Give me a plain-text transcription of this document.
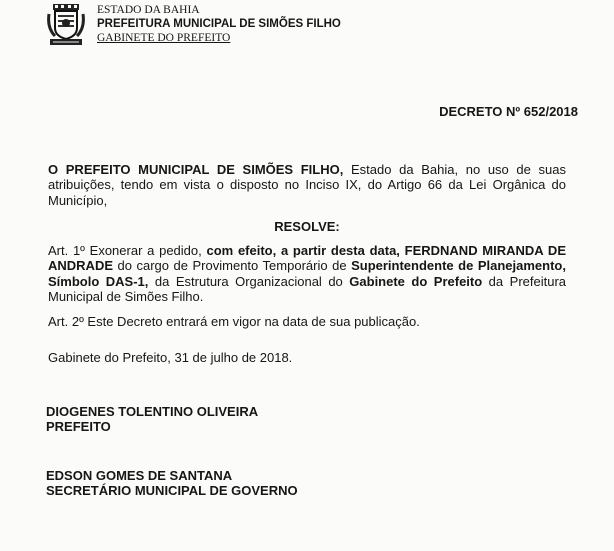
ESTADO DA BAHIA
PREFEITURA MUNICIPAL DE SIMÕES FILHO
GABINETE DO PREFEITO
DECRETO Nº 652/2018

O PREFEITO MUNICIPAL DE SIMÕES FILHO, Estado da Bahia, no uso de suas atribuições, tendo em vista o disposto no Inciso IX, do Artigo 66 da Lei Orgânica do Município,

RESOLVE:

Art. 1º Exonerar a pedido, com efeito, a partir desta data, FERDNAND MIRANDA DE ANDRADE do cargo de Provimento Temporário de Superintendente de Planejamento, Símbolo DAS-1, da Estrutura Organizacional do Gabinete do Prefeito da Prefeitura Municipal de Simões Filho.

Art. 2º Este Decreto entrará em vigor na data de sua publicação.

Gabinete do Prefeito, 31 de julho de 2018.

DIOGENES TOLENTINO OLIVEIRA
PREFEITO
EDSON GOMES DE SANTANA
SECRETÁRIO MUNICIPAL DE GOVERNO
